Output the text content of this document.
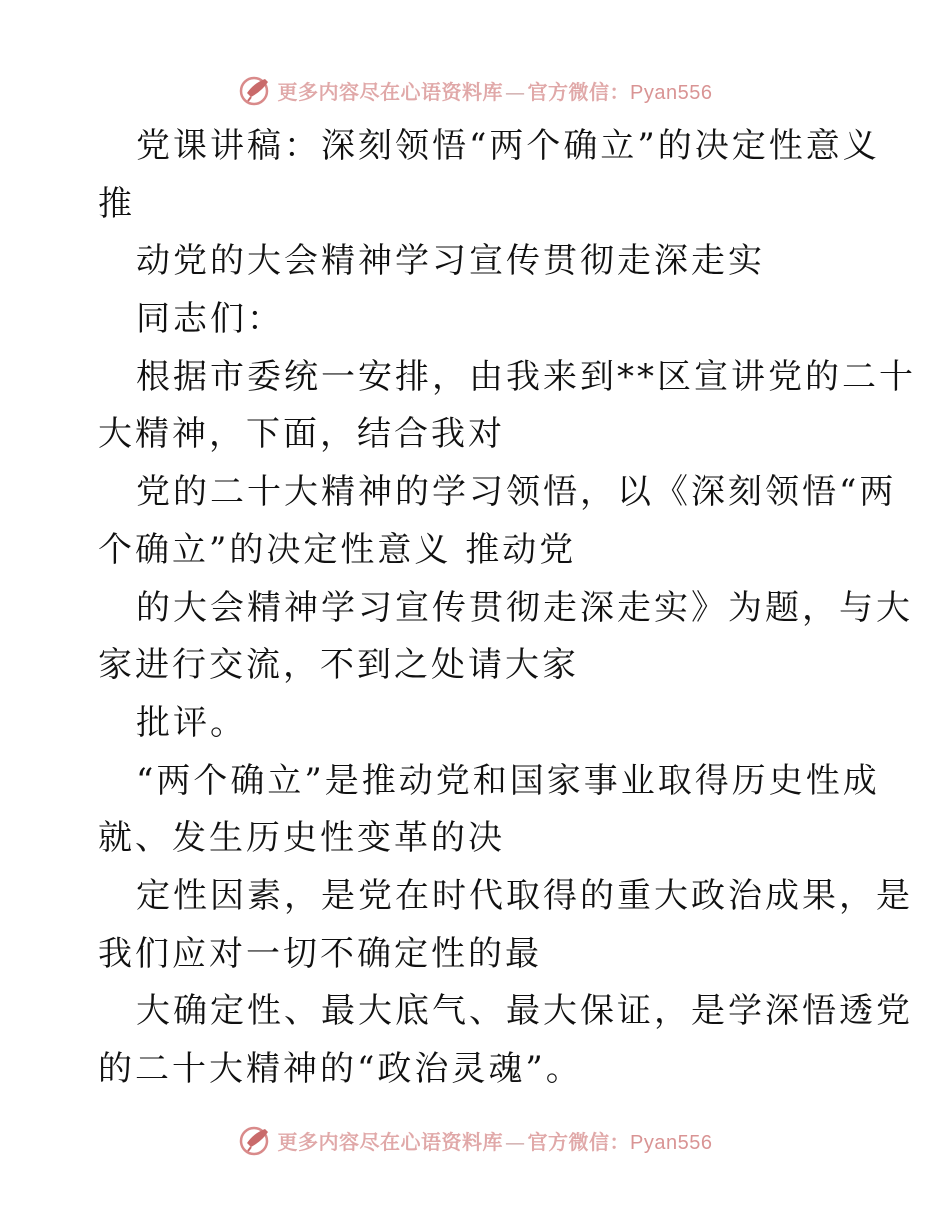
更多内容尽在心语资料库 — 官方微信：Pyan556
党课讲稿：深刻领悟“两个确立”的决定性意义
推
动党的大会精神学习宣传贯彻走深走实
同志们：
根据市委统一安排，由我来到**区宣讲党的二十
大精神，下面，结合我对
党的二十大精神的学习领悟，以《深刻领悟“两
个确立”的决定性意义 推动党
的大会精神学习宣传贯彻走深走实》为题，与大
家进行交流，不到之处请大家
批评。
“两个确立”是推动党和国家事业取得历史性成
就、发生历史性变革的决
定性因素，是党在时代取得的重大政治成果，是
我们应对一切不确定性的最
大确定性、最大底气、最大保证，是学深悟透党
的二十大精神的“政治灵魂”。
更多内容尽在心语资料库 — 官方微信：Pyan556
